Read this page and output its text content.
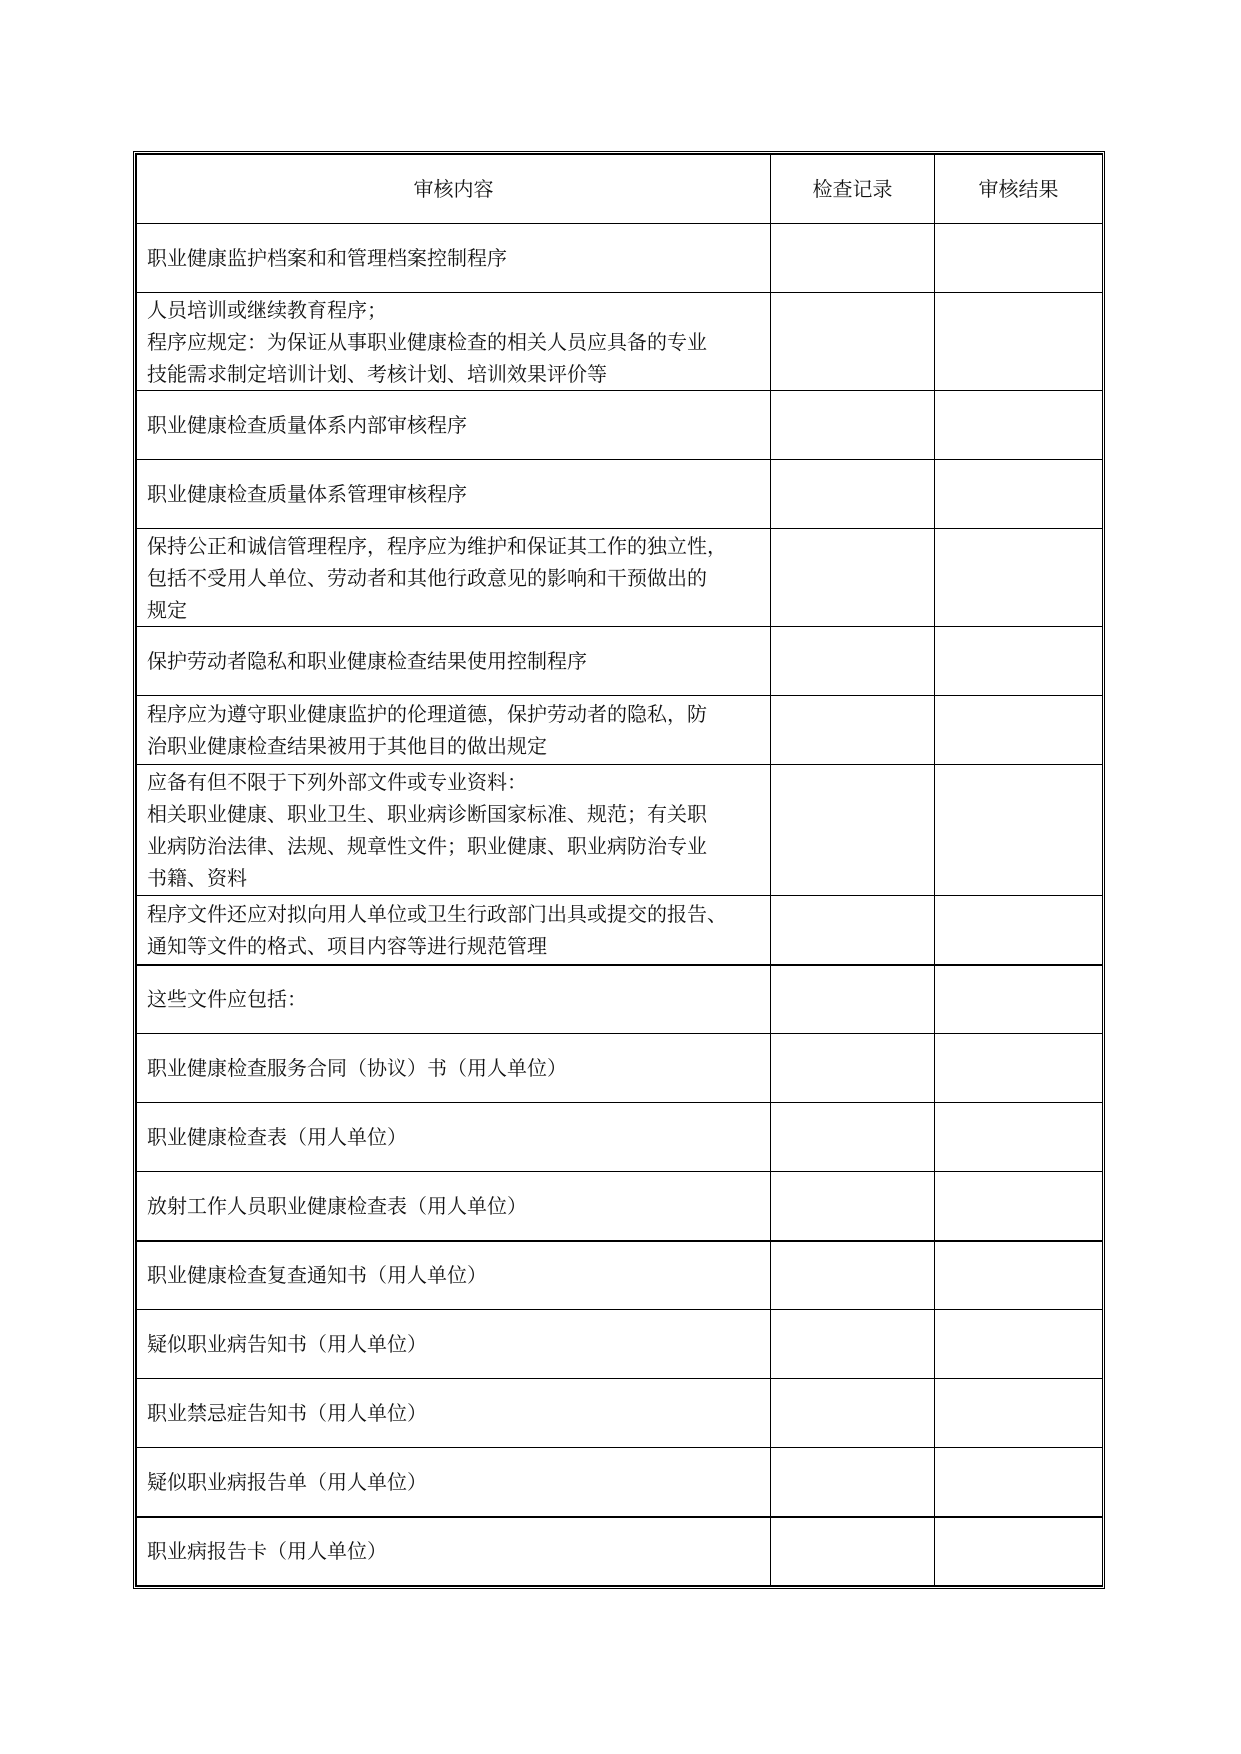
审核内容	检查记录	审核结果

职业健康监护档案和和管理档案控制程序		

人员培训或继续教育程序；
程序应规定：为保证从事职业健康检查的相关人员应具备的专业
技能需求制定培训计划、考核计划、培训效果评价等		

职业健康检查质量体系内部审核程序		

职业健康检查质量体系管理审核程序		

保持公正和诚信管理程序，程序应为维护和保证其工作的独立性，
包括不受用人单位、劳动者和其他行政意见的影响和干预做出的
规定		

保护劳动者隐私和职业健康检查结果使用控制程序		

程序应为遵守职业健康监护的伦理道德，保护劳动者的隐私，防
治职业健康检查结果被用于其他目的做出规定		

应备有但不限于下列外部文件或专业资料：
相关职业健康、职业卫生、职业病诊断国家标准、规范；有关职
业病防治法律、法规、规章性文件；职业健康、职业病防治专业
书籍、资料		

程序文件还应对拟向用人单位或卫生行政部门出具或提交的报告、
通知等文件的格式、项目内容等进行规范管理		

这些文件应包括：		

职业健康检查服务合同（协议）书（用人单位）		

职业健康检查表（用人单位）		

放射工作人员职业健康检查表（用人单位）		

职业健康检查复查通知书（用人单位）		

疑似职业病告知书（用人单位）		

职业禁忌症告知书（用人单位）		

疑似职业病报告单（用人单位）		

职业病报告卡（用人单位）		
